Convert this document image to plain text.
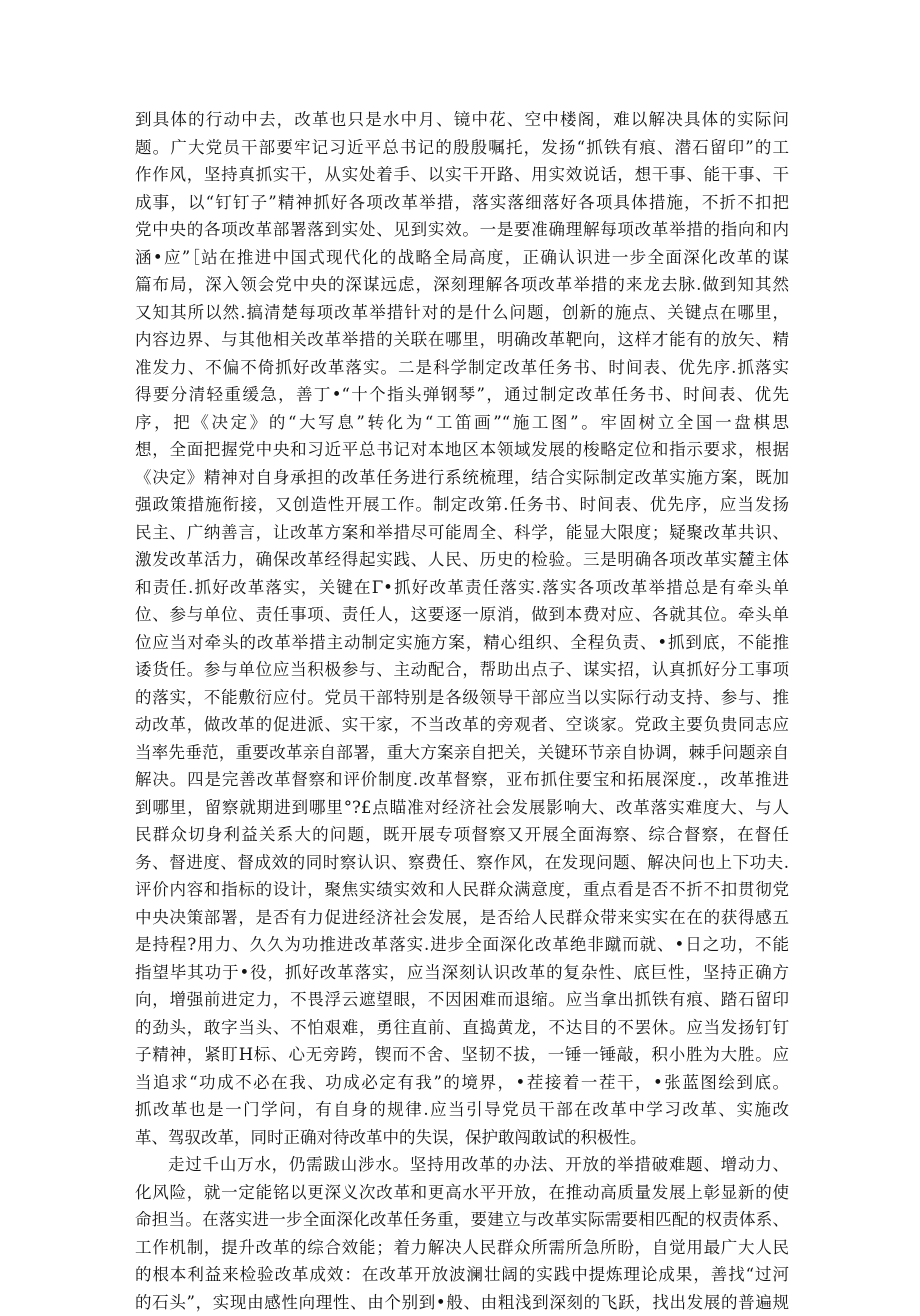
到具体的行动中去，改革也只是水中月、镜中花、空中楼阁，难以解决具体的实际问
题。广大党员干部要牢记习近平总书记的殷殷嘱托，发扬“抓铁有痕、潜石留印”的工
作作风，坚持真抓实干，从实处着手、以实干开路、用实效说话，想干事、能干事、干
成事，以“钉钉子”精神抓好各项改革举措，落实落细落好各项具体措施，不折不扣把
党中央的各项改革部署落到实处、见到实效。一是要准确理解每项改革举措的指向和内
涵•应”［站在推进中国式现代化的战略全局高度，正确认识进一步全面深化改革的谋
篇布局，深入领会党中央的深谋远虑，深刻理解各项改革举措的来龙去脉.做到知其然
又知其所以然.搞清楚每项改革举措针对的是什么问题，创新的施点、关键点在哪里，
内容边界、与其他相关改革举措的关联在哪里，明确改革靶向，这样才能有的放矢、精
准发力、不偏不倚抓好改革落实。二是科学制定改革任务书、时间表、优先序.抓落实
得要分清轻重缓急，善丁•“十个指头弹钢琴”，通过制定改革任务书、时间表、优先
序，把《决定》的“大写息”转化为“工笛画”“施工图”。牢固树立全国一盘棋思
想，全面把握党中央和习近平总书记对本地区本领域发展的梭略定位和指示要求，根据
《决定》精神对自身承担的改革任务进行系统梳理，结合实际制定改革实施方案，既加
强政策措施衔接，又创造性开展工作。制定改第.任务书、时间表、优先序，应当发扬
民主、广纳善言，让改革方案和举措尽可能周全、科学，能显大限度；疑聚改革共识、
激发改革活力，确保改革经得起实践、人民、历史的检验。三是明确各项改革实麓主体
和责任.抓好改革落实，关键在Γ•抓好改革责任落实.落实各项改革举措总是有牵头单
位、参与单位、责任事项、责任人，这要逐一原消，做到本费对应、各就其位。牵头单
位应当对牵头的改革举措主动制定实施方案，精心组织、全程负责、•抓到底，不能推
诿货任。参与单位应当积极参与、主动配合，帮助出点子、谋实招，认真抓好分工事项
的落实，不能敷衍应付。党员干部特别是各级领导干部应当以实际行动支持、参与、推
动改革，做改革的促进派、实干家，不当改革的旁观者、空谈家。党政主要负贵同志应
当率先垂范，重要改革亲自部署，重大方案亲自把关，关键环节亲自协调，棘手问题亲自
解决。四是完善改革督察和评价制度.改革督察，亚布抓住要宝和拓展深度.，改革推进
到哪里，留察就期进到哪里°?£点瞄准对经济社会发展影响大、改革落实难度大、与人
民群众切身利益关系大的问题，既开展专项督察又开展全面海察、综合督察，在督任
务、督进度、督成效的同时察认识、察费任、察作风，在发现问题、解决问也上下功夫.
评价内容和指标的设计，聚焦实绩实效和人民群众满意度，重点看是否不折不扣贯彻党
中央决策部署，是否有力促进经济社会发展，是否给人民群众带来实实在在的获得感五
是持程?用力、久久为功推进改革落实.进步全面深化改革绝非蹴而就、•日之功，不能
指望毕其功于•役，抓好改革落实，应当深刻认识改革的复杂性、底巨性，坚持正确方
向，增强前进定力，不畏浮云遮望眼，不因困难而退缩。应当拿出抓铁有痕、踏石留印
的劲头，敢字当头、不怕艰难，勇往直前、直捣黄龙，不达目的不罢休。应当发扬钉钉
子精神，紧盯H标、心无旁跨，锲而不舍、坚韧不拔，一锤一锤敲，积小胜为大胜。应
当追求“功成不必在我、功成必定有我”的境界，•茬接着一茬干，•张蓝图绘到底。
抓改革也是一门学问，有自身的规律.应当引导党员干部在改革中学习改革、实施改
革、驾驭改革，同时正确对待改革中的失误，保护敢闯敢试的积极性。
走过千山万水，仍需跋山涉水。坚持用改革的办法、开放的举措破难题、增动力、
化风险，就一定能铭以更深义次改革和更高水平开放，在推动高质量发展上彰显新的使
命担当。在落实进一步全面深化改革任务重，要建立与改革实际需要相匹配的权责体系、
工作机制，提升改革的综合效能；着力解决人民群众所需所急所盼，自觉用最广大人民
的根本利益来检验改革成效：在改革开放波澜壮阔的实践中提炼理论成果，善找“过河
的石头”，实现由感性向理性、由个别到•般、由粗浅到深刻的飞跃，找出发展的普遍规
